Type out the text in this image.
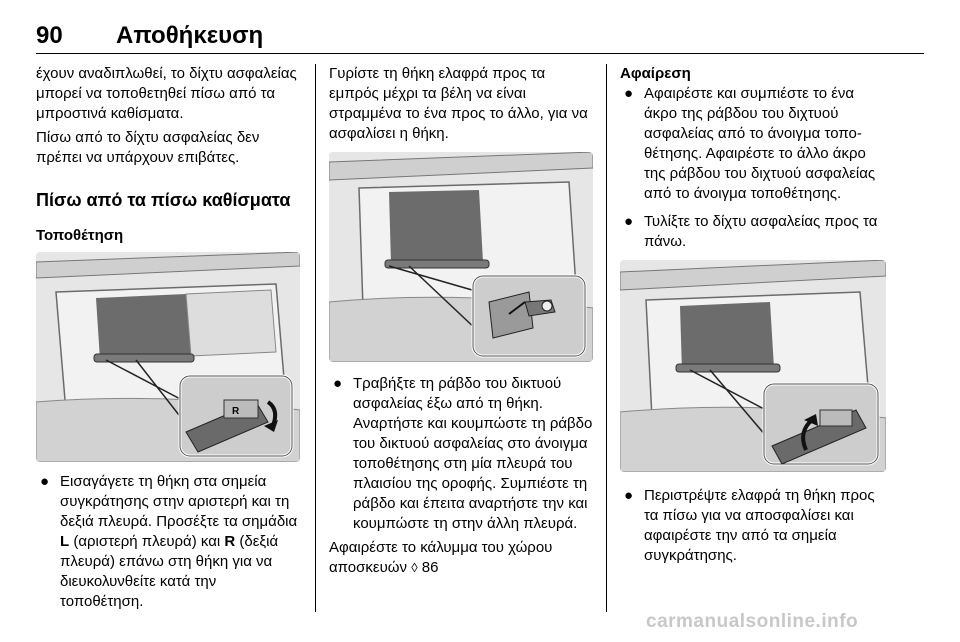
90 Αποθήκευση

έχουν αναδιπλωθεί, το δίχτυ ασφαλείας μπορεί να τοποθετηθεί πίσω από τα μπροστινά καθίσματα.

Πίσω από το δίχτυ ασφαλείας δεν πρέπει να υπάρχουν επιβάτες.

Πίσω από τα πίσω καθίσματα
Τοποθέτηση
R
● Εισαγάγετε τη θήκη στα σημεία συγκράτησης στην αριστερή και τη δεξιά πλευρά. Προσέξτε τα σημάδια L (αριστερή πλευρά) και R (δεξιά πλευρά) επάνω στη θήκη για να διευκολυνθείτε κατά την τοποθέτηση.

Γυρίστε τη θήκη ελαφρά προς τα εμπρός μέχρι τα βέλη να είναι στραμμένα το ένα προς το άλλο, για να ασφαλίσει η θήκη.

● Τραβήξτε τη ράβδο του δικτυού ασφαλείας έξω από τη θήκη. Αναρτήστε και κουμπώστε τη ράβδο του δικτυού ασφαλείας στο άνοιγμα τοποθέτησης στη μία πλευρά του πλαισίου της οροφής. Συμπιέστε τη ράβδο και έπειτα αναρτήστε την και κουμπώστε τη στην άλλη πλευρά.

Αφαιρέστε το κάλυμμα του χώρου αποσκευών ◊ 86

Αφαίρεση
● Αφαιρέστε και συμπιέστε το ένα άκρο της ράβδου του διχτυού ασφαλείας από το άνοιγμα τοποθέτησης. Αφαιρέστε το άλλο άκρο της ράβδου του διχτυού ασφαλείας από το άνοιγμα τοποθέτησης.
● Τυλίξτε το δίχτυ ασφαλείας προς τα πάνω.
● Περιστρέψτε ελαφρά τη θήκη προς τα πίσω για να αποσφαλίσει και αφαιρέστε την από τα σημεία συγκράτησης.
carmanualsonline.info
